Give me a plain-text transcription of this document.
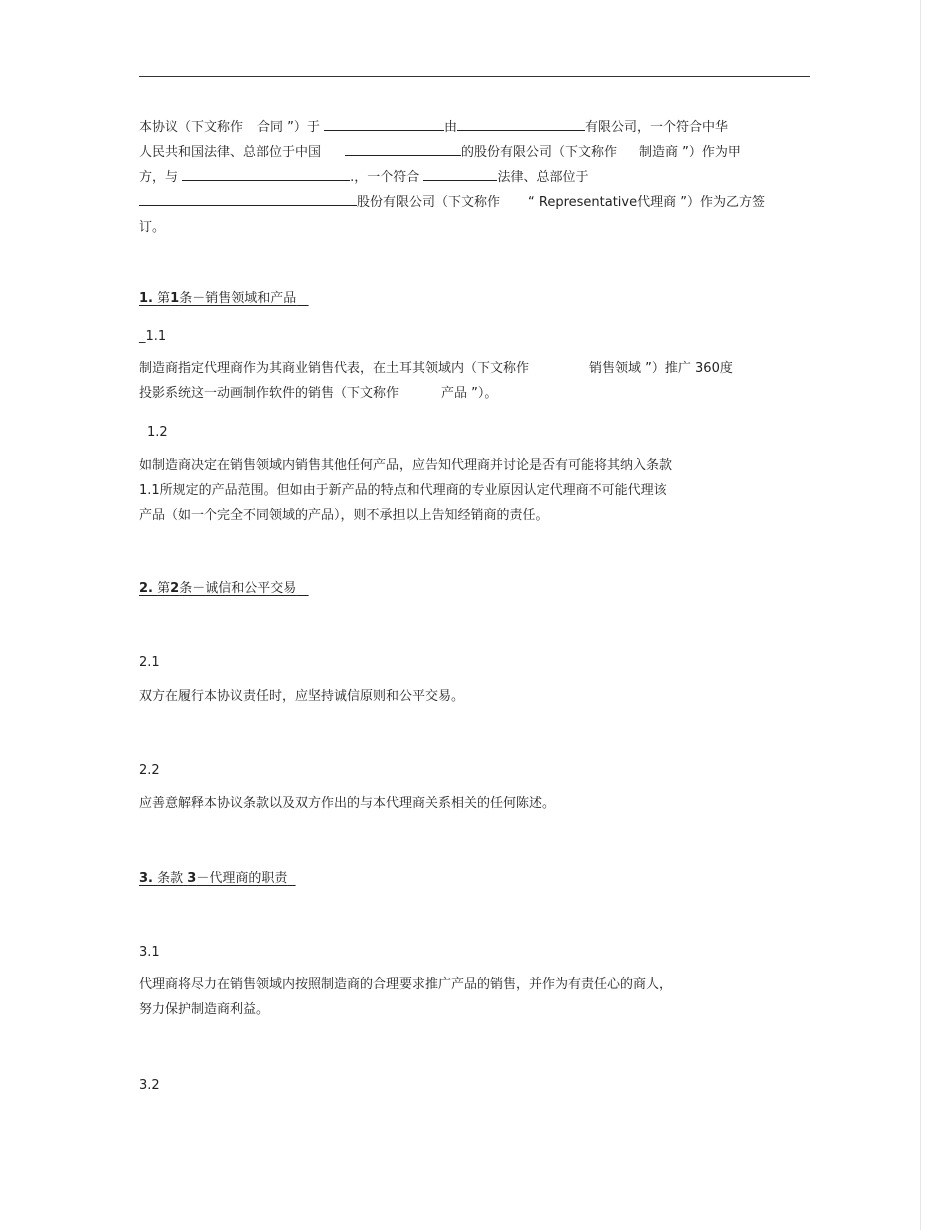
本协议（下文称作 合同 ”）于	由	有限公司，一个符合中华
人民共和国法律、总部位于中国	的股份有限公司（下文称作 制造商 ”）作为甲
方，与	.，一个符合	法律、总部位于
股份有限公司（下文称作 “ Representative代理商 ”）作为乙方签
订。
1. 第1条－销售领域和产品
_1.1
制造商指定代理商作为其商业销售代表，在土耳其领域内（下文称作	销售领域 ”）推广 360度
投影系统这一动画制作软件的销售（下文称作	产品 ”）。
1.2
如制造商决定在销售领域内销售其他任何产品，应告知代理商并讨论是否有可能将其纳入条款
1.1所规定的产品范围。但如由于新产品的特点和代理商的专业原因认定代理商不可能代理该
产品（如一个完全不同领域的产品），则不承担以上告知经销商的责任。
2. 第2条－诚信和公平交易
2.1
双方在履行本协议责任时，应坚持诚信原则和公平交易。
2.2
应善意解释本协议条款以及双方作出的与本代理商关系相关的任何陈述。
3. 条款 3－代理商的职责
3.1
代理商将尽力在销售领域内按照制造商的合理要求推广产品的销售，并作为有责任心的商人，
努力保护制造商利益。
3.2
